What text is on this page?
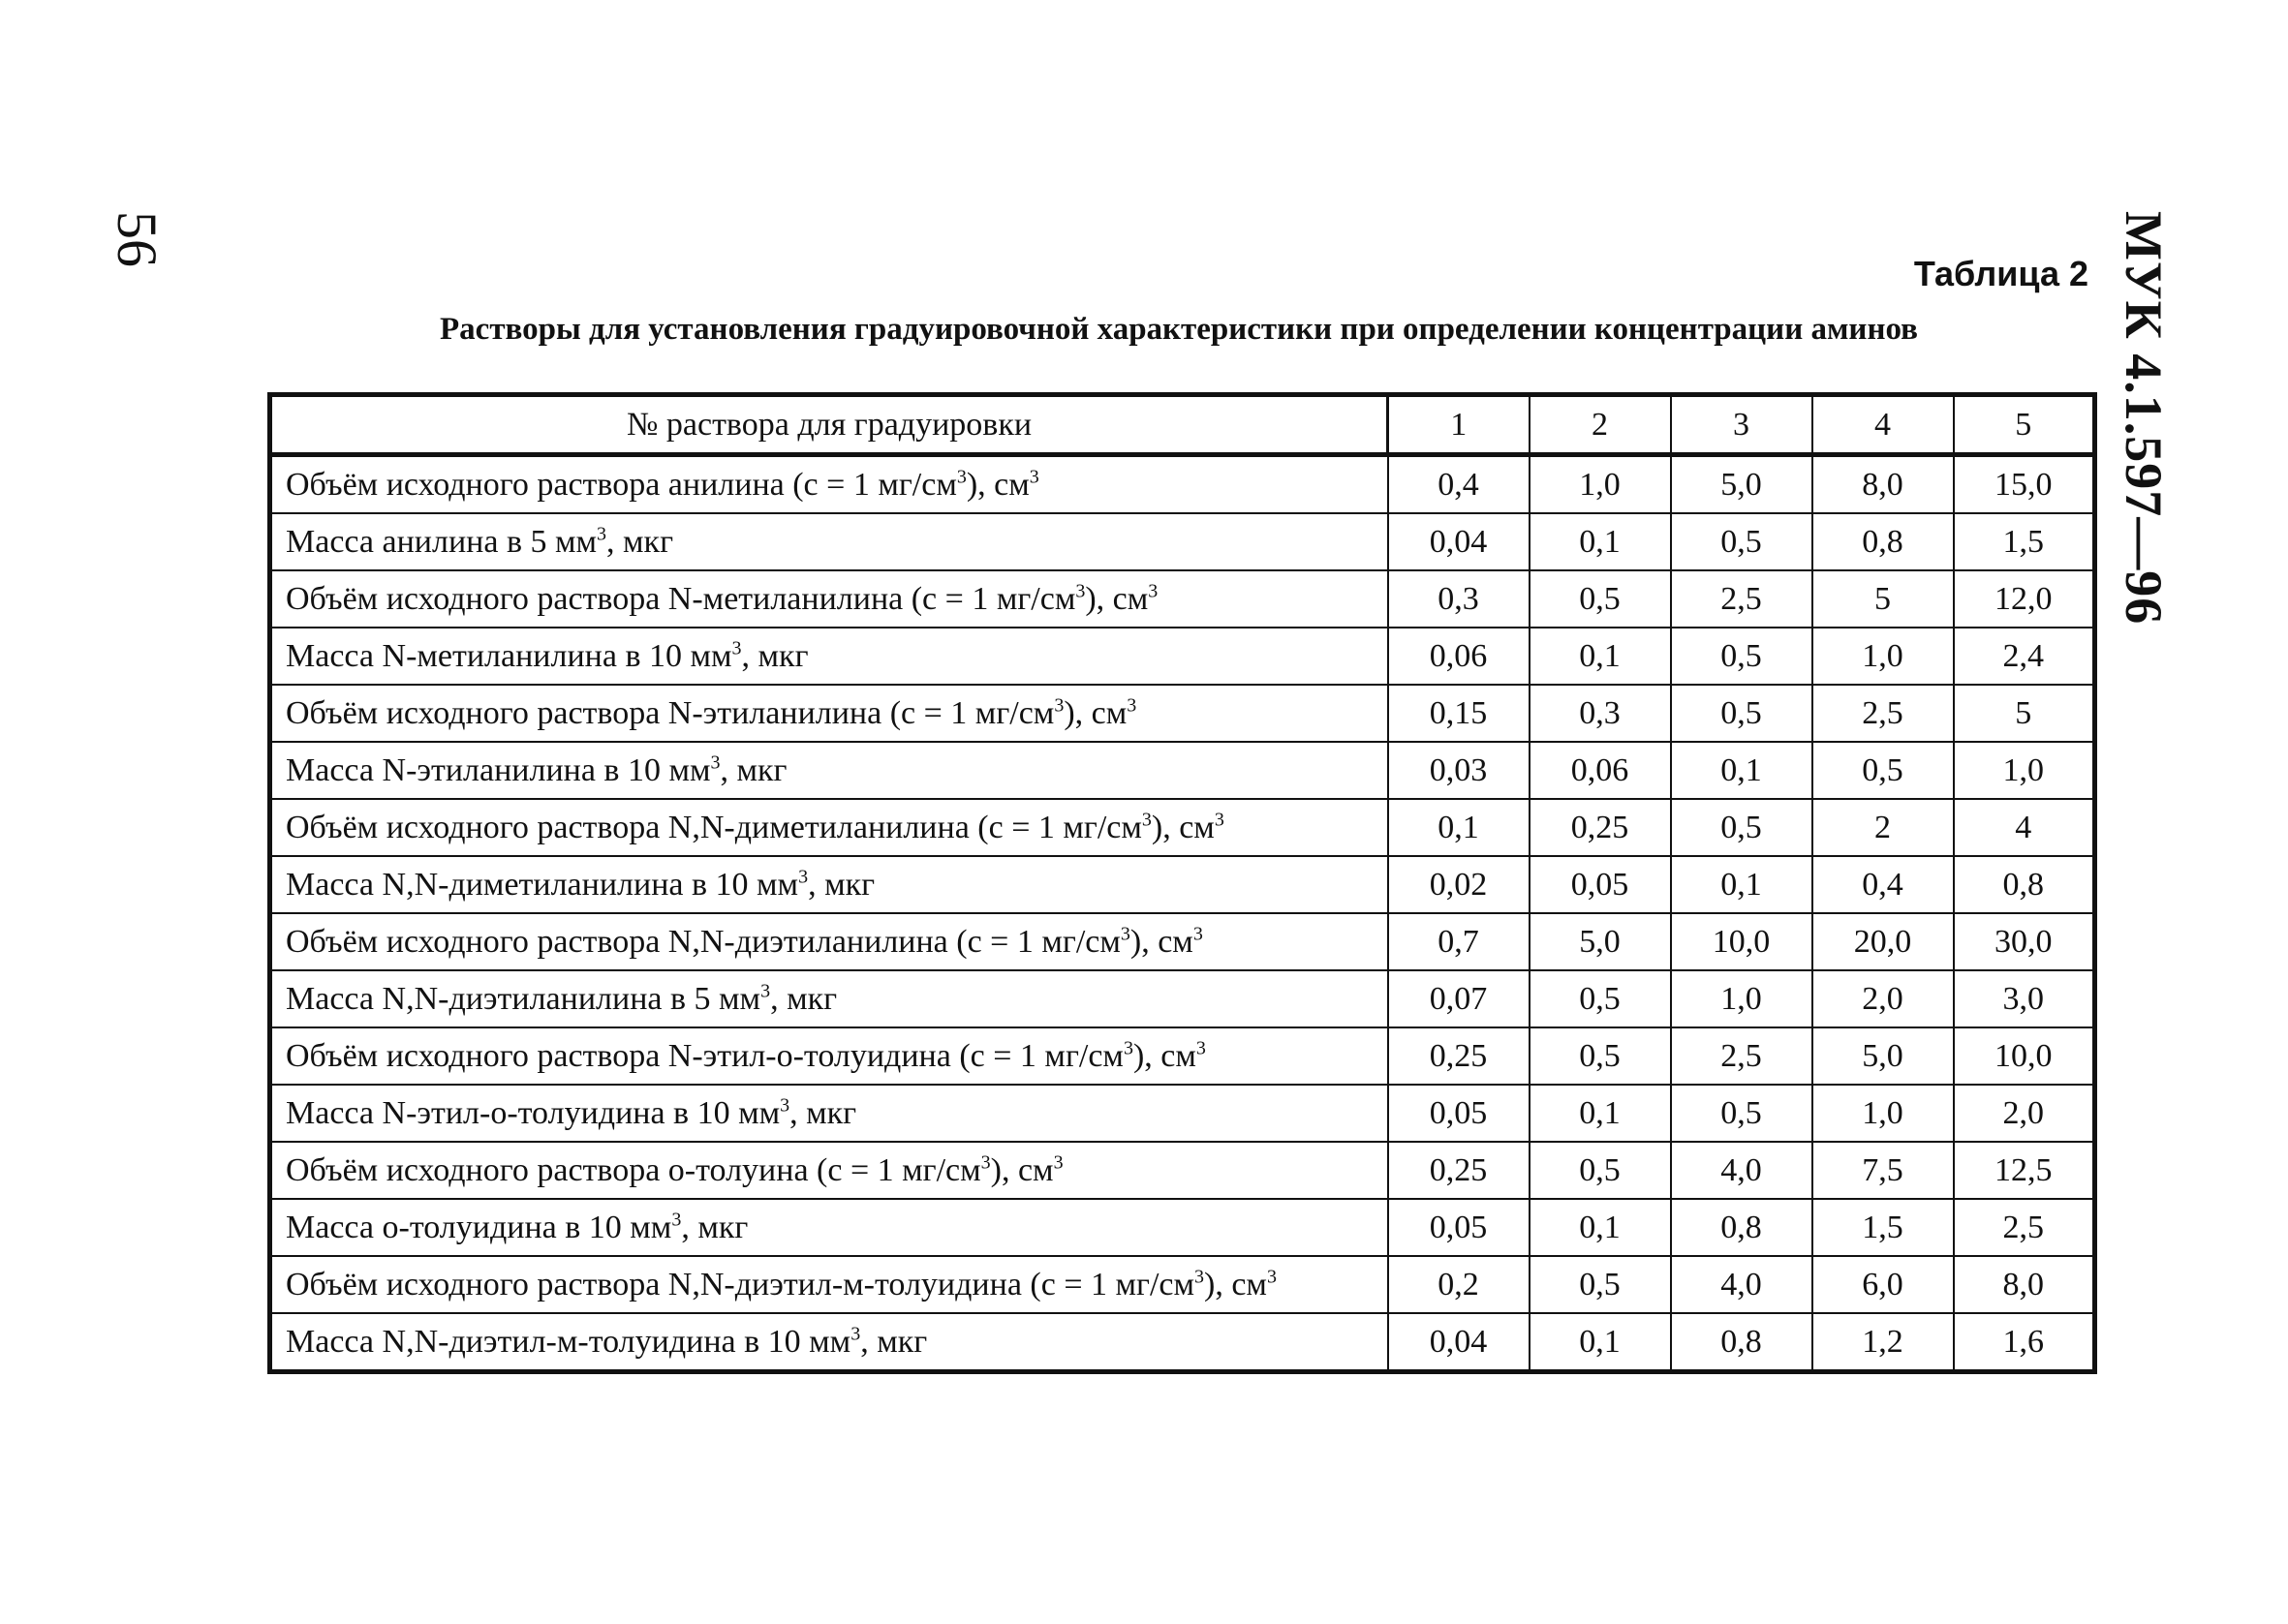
56	МУК 4.1.597—96
Таблица 2
Растворы для установления градуировочной характеристики при определении концентрации аминов
№ раствора для градуировки	1	2	3	4	5
Объём исходного раствора анилина (с = 1 $мг/см^3$), $см^3$	0,4	1,0	5,0	8,0	15,0
Масса анилина в 5 $мм^3$, мкг	0,04	0,1	0,5	0,8	1,5
Объём исходного раствора N-метиланилина (с = 1 $мг/см^3$), $см^3$	0,3	0,5	2,5	5	12,0
Масса N-метиланилина в 10 $мм^3$, мкг	0,06	0,1	0,5	1,0	2,4
Объём исходного раствора N-этиланилина (с = 1 $мг/см^3$), $см^3$	0,15	0,3	0,5	2,5	5
Масса N-этиланилина в 10 $мм^3$, мкг	0,03	0,06	0,1	0,5	1,0
Объём исходного раствора N,N-диметиланилина (с = 1 $мг/см^3$), $см^3$	0,1	0,25	0,5	2	4
Масса N,N-диметиланилина в 10 $мм^3$, мкг	0,02	0,05	0,1	0,4	0,8
Объём исходного раствора N,N-диэтиланилина (с = 1 $мг/см^3$), $см^3$	0,7	5,0	10,0	20,0	30,0
Масса N,N-диэтиланилина в 5 $мм^3$, мкг	0,07	0,5	1,0	2,0	3,0
Объём исходного раствора N-этил-о-толуидина (с = 1 $мг/см^3$), $см^3$	0,25	0,5	2,5	5,0	10,0
Масса N-этил-о-толуидина в 10 $мм^3$, мкг	0,05	0,1	0,5	1,0	2,0
Объём исходного раствора о-толуина (с = 1 $мг/см^3$), $см^3$	0,25	0,5	4,0	7,5	12,5
Масса о-толуидина в 10 $мм^3$, мкг	0,05	0,1	0,8	1,5	2,5
Объём исходного раствора N,N-диэтил-м-толуидина (с = 1 $мг/см^3$), $см^3$	0,2	0,5	4,0	6,0	8,0
Масса N,N-диэтил-м-толуидина в 10 $мм^3$, мкг	0,04	0,1	0,8	1,2	1,6
